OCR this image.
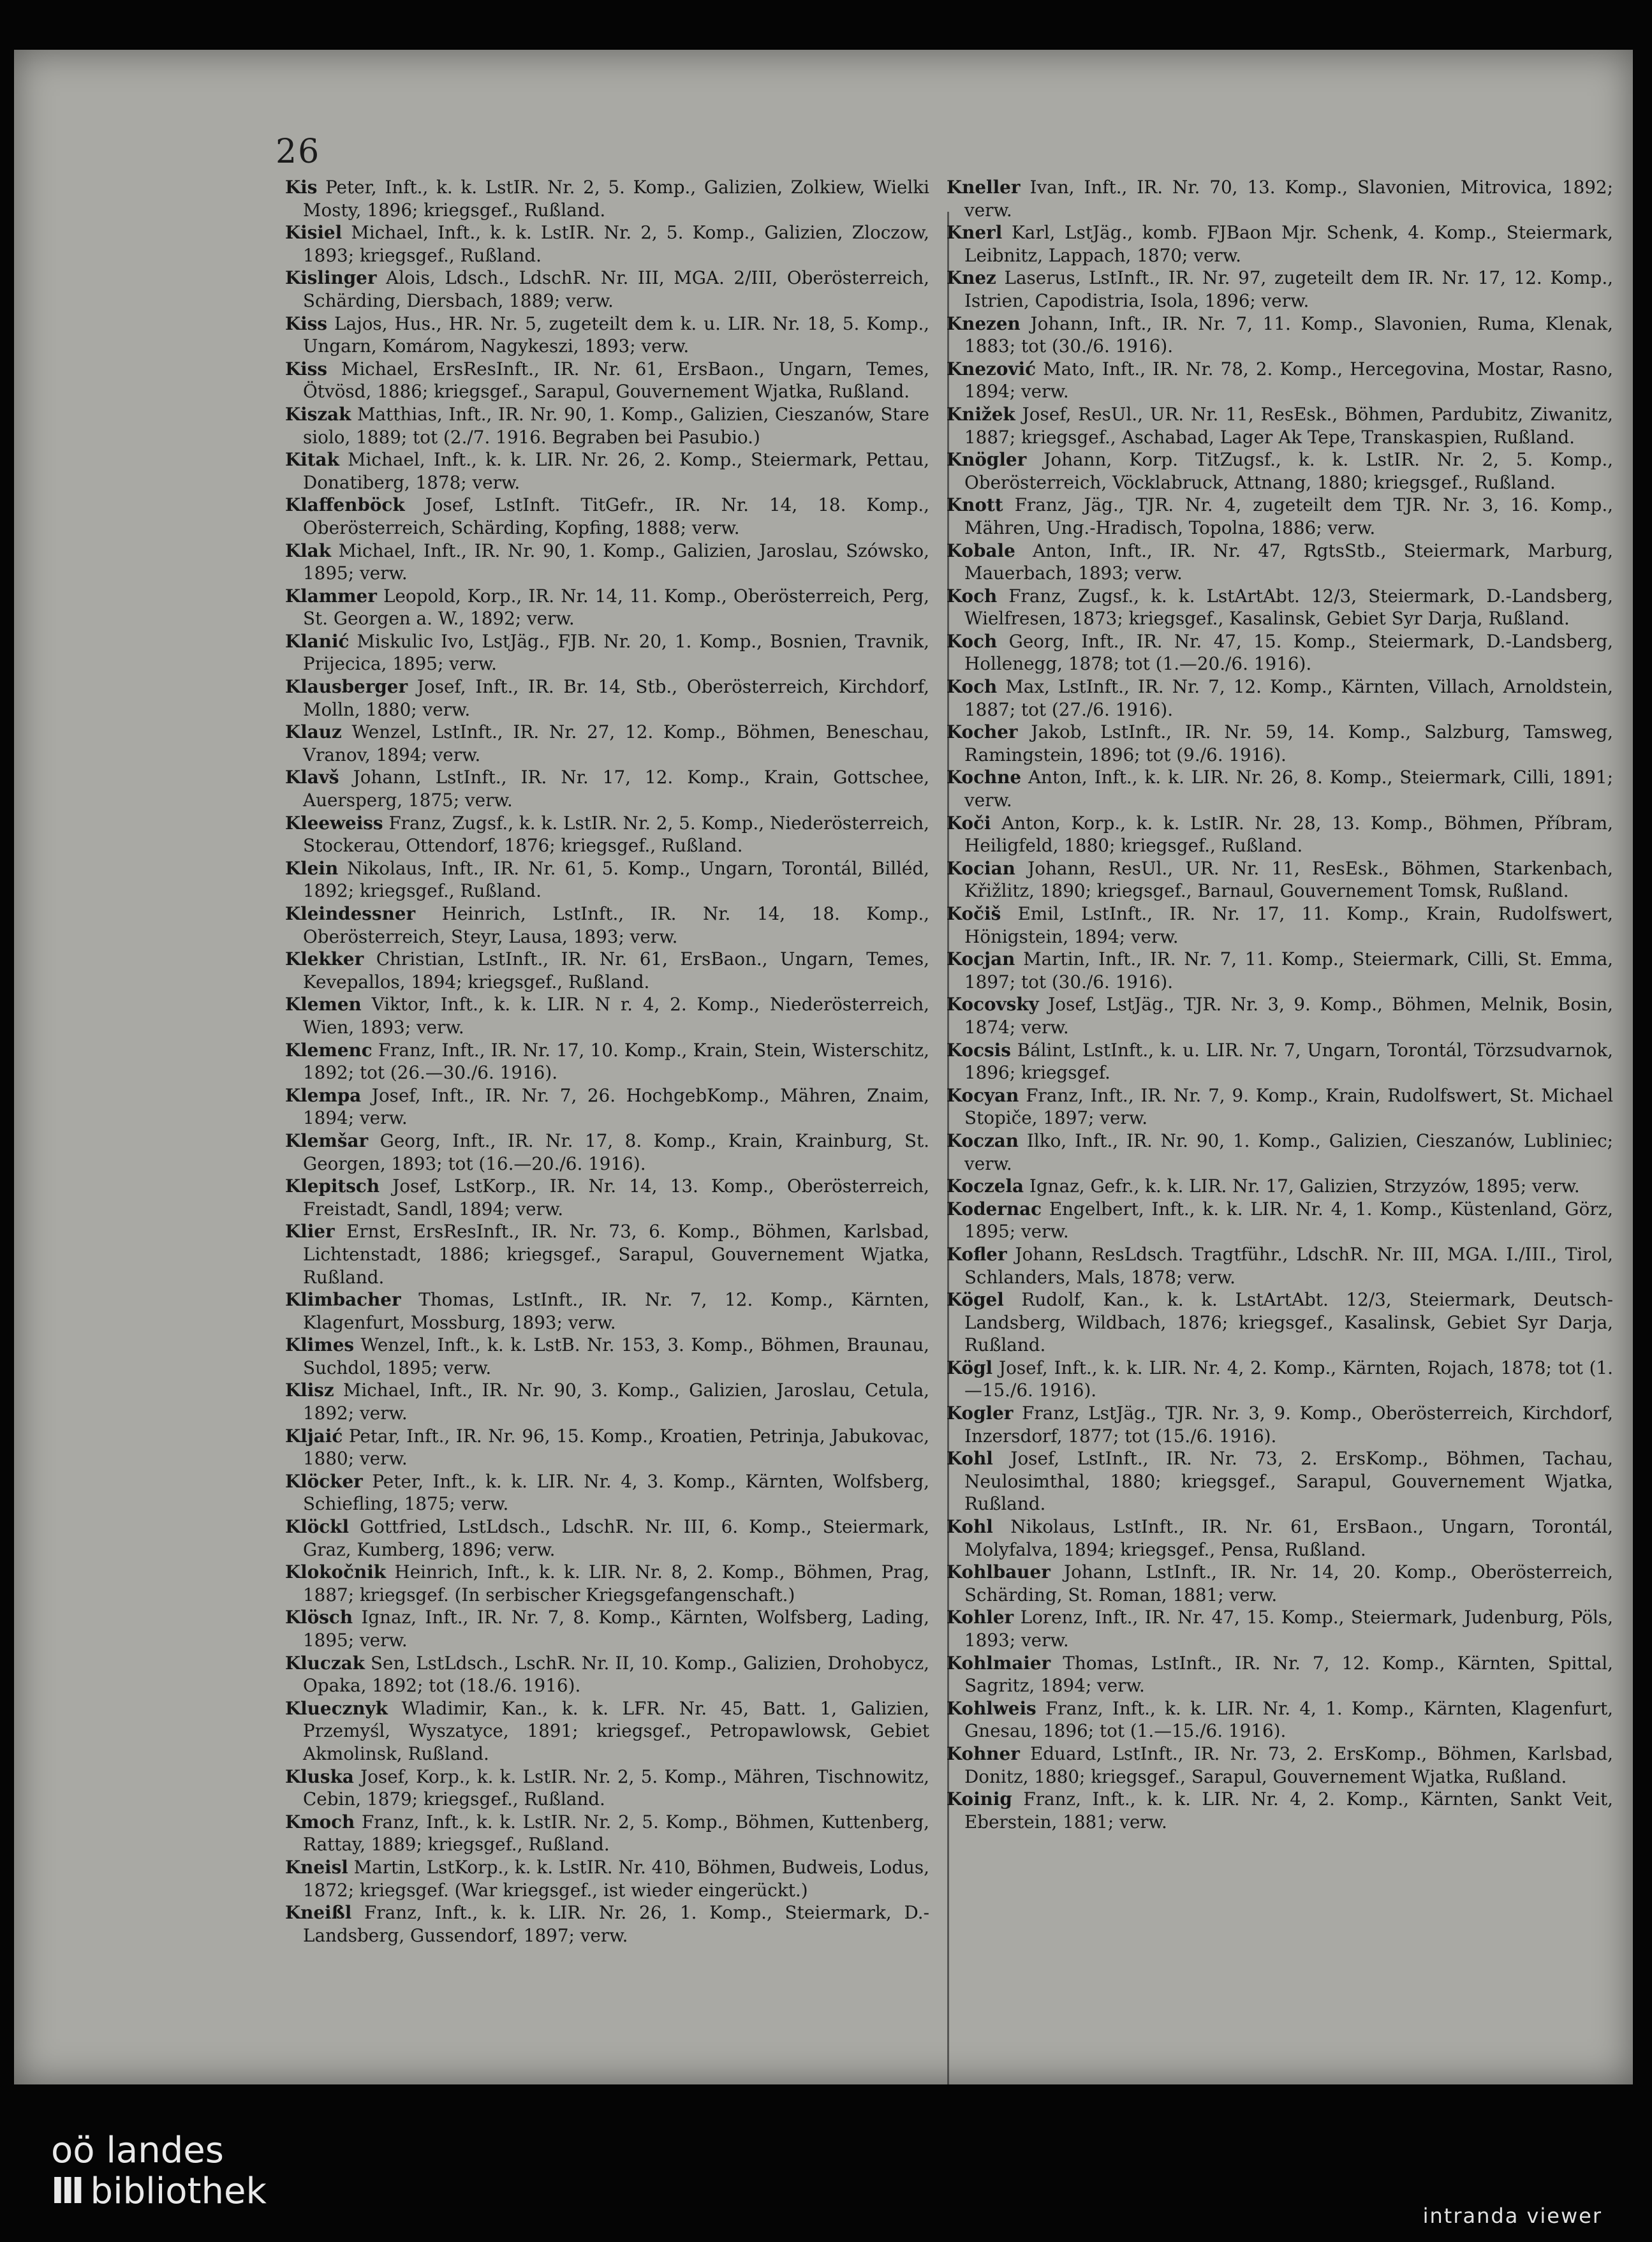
26

Kis Peter, Inft., k. k. LstIR. Nr. 2, 5. Komp., Galizien, Zolkiew, Wielki Mosty, 1896; kriegsgef., Rußland.

Kisiel Michael, Inft., k. k. LstIR. Nr. 2, 5. Komp., Galizien, Zloczow, 1893; kriegsgef., Rußland.

Kislinger Alois, Ldsch., LdschR. Nr. III, MGA. 2/III, Oberösterreich, Schärding, Diersbach, 1889; verw.

Kiss Lajos, Hus., HR. Nr. 5, zugeteilt dem k. u. LIR. Nr. 18, 5. Komp., Ungarn, Komárom, Nagykeszi, 1893; verw.

Kiss Michael, ErsResInft., IR. Nr. 61, ErsBaon., Ungarn, Temes, Ötvösd, 1886; kriegsgef., Sarapul, Gouvernement Wjatka, Rußland.

Kiszak Matthias, Inft., IR. Nr. 90, 1. Komp., Galizien, Cieszanów, Stare siolo, 1889; tot (2./7. 1916. Begraben bei Pasubio.)

Kitak Michael, Inft., k. k. LIR. Nr. 26, 2. Komp., Steiermark, Pettau, Donatiberg, 1878; verw.

Klaffenböck Josef, LstInft. TitGefr., IR. Nr. 14, 18. Komp., Oberösterreich, Schärding, Kopfing, 1888; verw.

Klak Michael, Inft., IR. Nr. 90, 1. Komp., Galizien, Jaroslau, Szówsko, 1895; verw.

Klammer Leopold, Korp., IR. Nr. 14, 11. Komp., Oberösterreich, Perg, St. Georgen a. W., 1892; verw.

Klanić Miskulic Ivo, LstJäg., FJB. Nr. 20, 1. Komp., Bosnien, Travnik, Prijecica, 1895; verw.

Klausberger Josef, Inft., IR. Br. 14, Stb., Oberösterreich, Kirchdorf, Molln, 1880; verw.

Klauz Wenzel, LstInft., IR. Nr. 27, 12. Komp., Böhmen, Beneschau, Vranov, 1894; verw.

Klavš Johann, LstInft., IR. Nr. 17, 12. Komp., Krain, Gottschee, Auersperg, 1875; verw.

Kleeweiss Franz, Zugsf., k. k. LstIR. Nr. 2, 5. Komp., Niederösterreich, Stockerau, Ottendorf, 1876; kriegsgef., Rußland.

Klein Nikolaus, Inft., IR. Nr. 61, 5. Komp., Ungarn, Torontál, Billéd, 1892; kriegsgef., Rußland.

Kleindessner Heinrich, LstInft., IR. Nr. 14, 18. Komp., Oberösterreich, Steyr, Lausa, 1893; verw.

Klekker Christian, LstInft., IR. Nr. 61, ErsBaon., Ungarn, Temes, Kevepallos, 1894; kriegsgef., Rußland.

Klemen Viktor, Inft., k. k. LIR. N r. 4, 2. Komp., Niederösterreich, Wien, 1893; verw.

Klemenc Franz, Inft., IR. Nr. 17, 10. Komp., Krain, Stein, Wisterschitz, 1892; tot (26.—30./6. 1916).

Klempa Josef, Inft., IR. Nr. 7, 26. HochgebKomp., Mähren, Znaim, 1894; verw.

Klemšar Georg, Inft., IR. Nr. 17, 8. Komp., Krain, Krainburg, St. Georgen, 1893; tot (16.—20./6. 1916).

Klepitsch Josef, LstKorp., IR. Nr. 14, 13. Komp., Oberösterreich, Freistadt, Sandl, 1894; verw.

Klier Ernst, ErsResInft., IR. Nr. 73, 6. Komp., Böhmen, Karlsbad, Lichtenstadt, 1886; kriegsgef., Sarapul, Gouvernement Wjatka, Rußland.

Klimbacher Thomas, LstInft., IR. Nr. 7, 12. Komp., Kärnten, Klagenfurt, Mossburg, 1893; verw.

Klimes Wenzel, Inft., k. k. LstB. Nr. 153, 3. Komp., Böhmen, Braunau, Suchdol, 1895; verw.

Klisz Michael, Inft., IR. Nr. 90, 3. Komp., Galizien, Jaroslau, Cetula, 1892; verw.

Kljaić Petar, Inft., IR. Nr. 96, 15. Komp., Kroatien, Petrinja, Jabukovac, 1880; verw.

Klöcker Peter, Inft., k. k. LIR. Nr. 4, 3. Komp., Kärnten, Wolfsberg, Schiefling, 1875; verw.

Klöckl Gottfried, LstLdsch., LdschR. Nr. III, 6. Komp., Steiermark, Graz, Kumberg, 1896; verw.

Klokočnik Heinrich, Inft., k. k. LIR. Nr. 8, 2. Komp., Böhmen, Prag, 1887; kriegsgef. (In serbischer Kriegsgefangenschaft.)

Klösch Ignaz, Inft., IR. Nr. 7, 8. Komp., Kärnten, Wolfsberg, Lading, 1895; verw.

Kluczak Sen, LstLdsch., LschR. Nr. II, 10. Komp., Galizien, Drohobycz, Opaka, 1892; tot (18./6. 1916).

Kluecznyk Wladimir, Kan., k. k. LFR. Nr. 45, Batt. 1, Galizien, Przemyśl, Wyszatyce, 1891; kriegsgef., Petropawlowsk, Gebiet Akmolinsk, Rußland.

Kluska Josef, Korp., k. k. LstIR. Nr. 2, 5. Komp., Mähren, Tischnowitz, Cebin, 1879; kriegsgef., Rußland.

Kmoch Franz, Inft., k. k. LstIR. Nr. 2, 5. Komp., Böhmen, Kuttenberg, Rattay, 1889; kriegsgef., Rußland.

Kneisl Martin, LstKorp., k. k. LstIR. Nr. 410, Böhmen, Budweis, Lodus, 1872; kriegsgef. (War kriegsgef., ist wieder eingerückt.)

Kneißl Franz, Inft., k. k. LIR. Nr. 26, 1. Komp., Steiermark, D.-Landsberg, Gussendorf, 1897; verw.

Kneller Ivan, Inft., IR. Nr. 70, 13. Komp., Slavonien, Mitrovica, 1892; verw.

Knerl Karl, LstJäg., komb. FJBaon Mjr. Schenk, 4. Komp., Steiermark, Leibnitz, Lappach, 1870; verw.

Knez Laserus, LstInft., IR. Nr. 97, zugeteilt dem IR. Nr. 17, 12. Komp., Istrien, Capodistria, Isola, 1896; verw.

Knezen Johann, Inft., IR. Nr. 7, 11. Komp., Slavonien, Ruma, Klenak, 1883; tot (30./6. 1916).

Knezović Mato, Inft., IR. Nr. 78, 2. Komp., Hercegovina, Mostar, Rasno, 1894; verw.

Knižek Josef, ResUl., UR. Nr. 11, ResEsk., Böhmen, Pardubitz, Ziwanitz, 1887; kriegsgef., Aschabad, Lager Ak Tepe, Transkaspien, Rußland.

Knögler Johann, Korp. TitZugsf., k. k. LstIR. Nr. 2, 5. Komp., Oberösterreich, Vöcklabruck, Attnang, 1880; kriegsgef., Rußland.

Knott Franz, Jäg., TJR. Nr. 4, zugeteilt dem TJR. Nr. 3, 16. Komp., Mähren, Ung.-Hradisch, Topolna, 1886; verw.

Kobale Anton, Inft., IR. Nr. 47, RgtsStb., Steiermark, Marburg, Mauerbach, 1893; verw.

Koch Franz, Zugsf., k. k. LstArtAbt. 12/3, Steiermark, D.-Landsberg, Wielfresen, 1873; kriegsgef., Kasalinsk, Gebiet Syr Darja, Rußland.

Koch Georg, Inft., IR. Nr. 47, 15. Komp., Steiermark, D.-Landsberg, Hollenegg, 1878; tot (1.—20./6. 1916).

Koch Max, LstInft., IR. Nr. 7, 12. Komp., Kärnten, Villach, Arnoldstein, 1887; tot (27./6. 1916).

Kocher Jakob, LstInft., IR. Nr. 59, 14. Komp., Salzburg, Tamsweg, Ramingstein, 1896; tot (9./6. 1916).

Kochne Anton, Inft., k. k. LIR. Nr. 26, 8. Komp., Steiermark, Cilli, 1891; verw.

Koči Anton, Korp., k. k. LstIR. Nr. 28, 13. Komp., Böhmen, Příbram, Heiligfeld, 1880; kriegsgef., Rußland.

Kocian Johann, ResUl., UR. Nr. 11, ResEsk., Böhmen, Starkenbach, Křižlitz, 1890; kriegsgef., Barnaul, Gouvernement Tomsk, Rußland.

Kočiš Emil, LstInft., IR. Nr. 17, 11. Komp., Krain, Rudolfswert, Hönigstein, 1894; verw.

Kocjan Martin, Inft., IR. Nr. 7, 11. Komp., Steiermark, Cilli, St. Emma, 1897; tot (30./6. 1916).

Kocovsky Josef, LstJäg., TJR. Nr. 3, 9. Komp., Böhmen, Melnik, Bosin, 1874; verw.

Kocsis Bálint, LstInft., k. u. LIR. Nr. 7, Ungarn, Torontál, Törzsudvarnok, 1896; kriegsgef.

Kocyan Franz, Inft., IR. Nr. 7, 9. Komp., Krain, Rudolfswert, St. Michael Stopiče, 1897; verw.

Koczan Ilko, Inft., IR. Nr. 90, 1. Komp., Galizien, Cieszanów, Lubliniec; verw.

Koczela Ignaz, Gefr., k. k. LIR. Nr. 17, Galizien, Strzyzów, 1895; verw.

Kodernac Engelbert, Inft., k. k. LIR. Nr. 4, 1. Komp., Küstenland, Görz, 1895; verw.

Kofler Johann, ResLdsch. Tragtführ., LdschR. Nr. III, MGA. I./III., Tirol, Schlanders, Mals, 1878; verw.

Kögel Rudolf, Kan., k. k. LstArtAbt. 12/3, Steiermark, Deutsch-Landsberg, Wildbach, 1876; kriegsgef., Kasalinsk, Gebiet Syr Darja, Rußland.

Kögl Josef, Inft., k. k. LIR. Nr. 4, 2. Komp., Kärnten, Rojach, 1878; tot (1.—15./6. 1916).

Kogler Franz, LstJäg., TJR. Nr. 3, 9. Komp., Oberösterreich, Kirchdorf, Inzersdorf, 1877; tot (15./6. 1916).

Kohl Josef, LstInft., IR. Nr. 73, 2. ErsKomp., Böhmen, Tachau, Neulosimthal, 1880; kriegsgef., Sarapul, Gouvernement Wjatka, Rußland.

Kohl Nikolaus, LstInft., IR. Nr. 61, ErsBaon., Ungarn, Torontál, Molyfalva, 1894; kriegsgef., Pensa, Rußland.

Kohlbauer Johann, LstInft., IR. Nr. 14, 20. Komp., Oberösterreich, Schärding, St. Roman, 1881; verw.

Kohler Lorenz, Inft., IR. Nr. 47, 15. Komp., Steiermark, Judenburg, Pöls, 1893; verw.

Kohlmaier Thomas, LstInft., IR. Nr. 7, 12. Komp., Kärnten, Spittal, Sagritz, 1894; verw.

Kohlweis Franz, Inft., k. k. LIR. Nr. 4, 1. Komp., Kärnten, Klagenfurt, Gnesau, 1896; tot (1.—15./6. 1916).

Kohner Eduard, LstInft., IR. Nr. 73, 2. ErsKomp., Böhmen, Karlsbad, Donitz, 1880; kriegsgef., Sarapul, Gouvernement Wjatka, Rußland.

Koinig Franz, Inft., k. k. LIR. Nr. 4, 2. Komp., Kärnten, Sankt Veit, Eberstein, 1881; verw.

oö landes
III bibliothek
intranda viewer
